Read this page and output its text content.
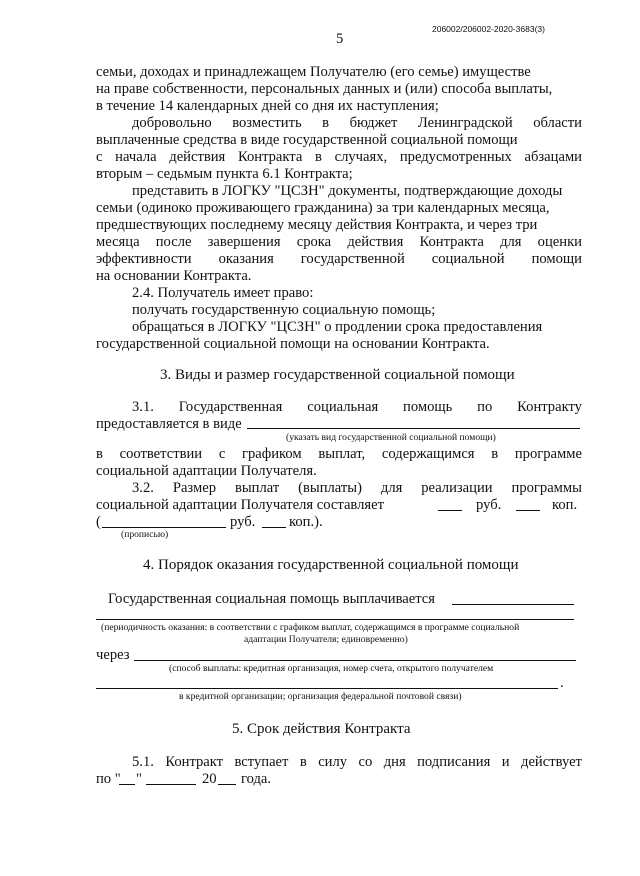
5
206002/206002-2020-3683(3)
семьи, доходах и принадлежащем Получателю (его семье) имуществе
на праве собственности, персональных данных и (или) способа выплаты,
в течение 14 календарных дней со дня их наступления;
добровольно возместить в бюджет Ленинградской области
выплаченные средства в виде государственной социальной помощи
с начала действия Контракта в случаях, предусмотренных абзацами
вторым – седьмым пункта 6.1 Контракта;
представить в ЛОГКУ "ЦСЗН" документы, подтверждающие доходы
семьи (одиноко проживающего гражданина) за три календарных месяца,
предшествующих последнему месяцу действия Контракта, и через три
месяца после завершения срока действия Контракта для оценки
эффективности оказания государственной социальной помощи
на основании Контракта.
2.4. Получатель имеет право:
получать государственную социальную помощь;
обращаться в ЛОГКУ "ЦСЗН" о продлении срока предоставления
государственной социальной помощи на основании Контракта.
3. Виды и размер государственной социальной помощи
3.1. Государственная социальная помощь по Контракту
предоставляется в виде
(указать вид государственной социальной помощи)
в соответствии с графиком выплат, содержащимся в программе
социальной адаптации Получателя.
3.2. Размер выплат (выплаты) для реализации программы
социальной адаптации Получателя составляет	руб.	коп.
(	руб. коп.).
(прописью)
4. Порядок оказания государственной социальной помощи
Государственная социальная помощь выплачивается
(периодичность оказания: в соответствии с графиком выплат, содержащимся в программе социальной
адаптации Получателя; единовременно)
через
(способ выплаты: кредитная организация, номер счета, открытого получателем
.
в кредитной организации; организация федеральной почтовой связи)
5. Срок действия Контракта
5.1. Контракт вступает в силу со дня подписания и действует
по " "	20 года.
